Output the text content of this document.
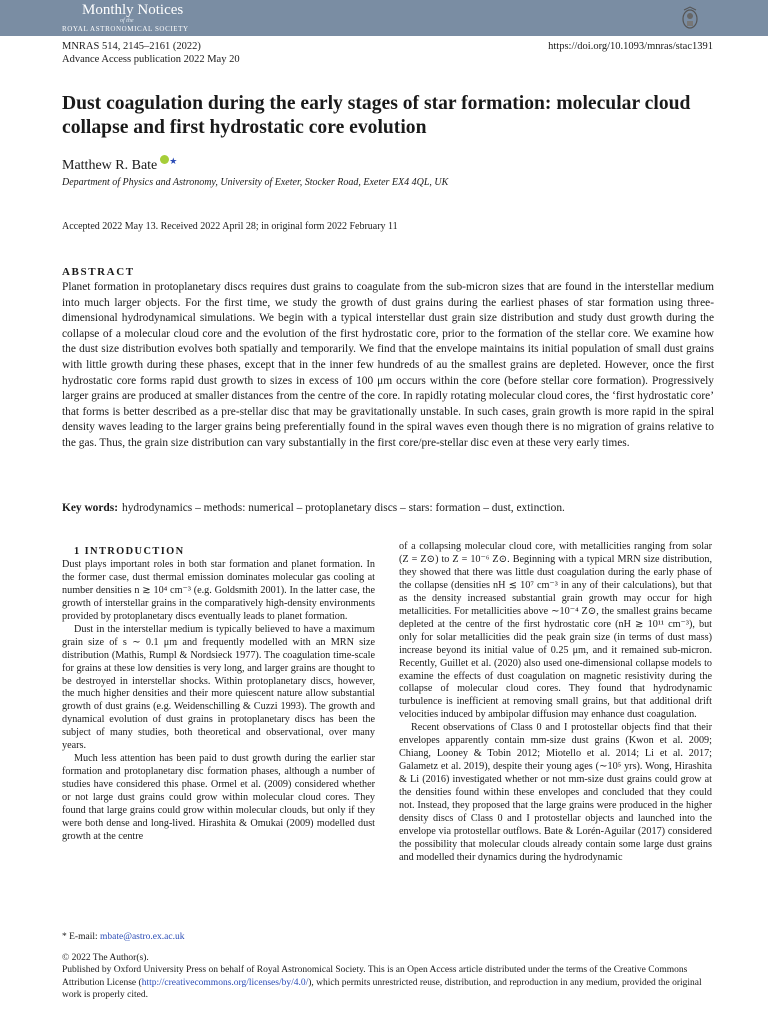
Monthly Notices
of the
ROYAL ASTRONOMICAL SOCIETY
MNRAS 514, 2145–2161 (2022)
Advance Access publication 2022 May 20
https://doi.org/10.1093/mnras/stac1391
Dust coagulation during the early stages of star formation: molecular cloud collapse and first hydrostatic core evolution
Matthew R. Bate ★
Department of Physics and Astronomy, University of Exeter, Stocker Road, Exeter EX4 4QL, UK
Accepted 2022 May 13. Received 2022 April 28; in original form 2022 February 11
ABSTRACT

Planet formation in protoplanetary discs requires dust grains to coagulate from the sub-micron sizes that are found in the interstellar medium into much larger objects. For the first time, we study the growth of dust grains during the earliest phases of star formation using three-dimensional hydrodynamical simulations. We begin with a typical interstellar dust grain size distribution and study dust growth during the collapse of a molecular cloud core and the evolution of the first hydrostatic core, prior to the formation of the stellar core. We examine how the dust size distribution evolves both spatially and temporarily. We find that the envelope maintains its initial population of small dust grains with little growth during these phases, except that in the inner few hundreds of au the smallest grains are depleted. However, once the first hydrostatic core forms rapid dust growth to sizes in excess of 100 μm occurs within the core (before stellar core formation). Progressively larger grains are produced at smaller distances from the centre of the core. In rapidly rotating molecular cloud cores, the ‘first hydrostatic core’ that forms is better described as a pre-stellar disc that may be gravitationally unstable. In such cases, grain growth is more rapid in the spiral density waves leading to the larger grains being preferentially found in the spiral waves even though there is no migration of grains relative to the gas. Thus, the grain size distribution can vary substantially in the first core/pre-stellar disc even at these very early times.

Key words: hydrodynamics – methods: numerical – protoplanetary discs – stars: formation – dust, extinction.

1 INTRODUCTION

Dust plays important roles in both star formation and planet formation. In the former case, dust thermal emission dominates molecular gas cooling at number densities n ≳ 10⁴ cm⁻³ (e.g. Goldsmith 2001). In the latter case, the growth of interstellar grains in the comparatively high-density environments provided by protoplanetary discs eventually leads to planet formation.

Dust in the interstellar medium is typically believed to have a maximum grain size of s ∼ 0.1 μm and frequently modelled with an MRN size distribution (Mathis, Rumpl & Nordsieck 1977). The coagulation time-scale for grains at these low densities is very long, and larger grains are thought to be destroyed in interstellar shocks. Within protoplanetary discs, however, the much higher densities and their more quiescent nature allow substantial growth of dust grains (e.g. Weidenschilling & Cuzzi 1993). The growth and dynamical evolution of dust grains in protoplanetary discs has been the subject of many studies, both theoretical and observational, over many years.

Much less attention has been paid to dust growth during the earlier star formation and protoplanetary disc formation phases, although a number of studies have considered this phase. Ormel et al. (2009) considered whether or not large dust grains could grow within molecular cloud cores. They found that large grains could grow within molecular clouds, but only if they were both dense and long-lived. Hirashita & Omukai (2009) modelled dust growth at the centre

of a collapsing molecular cloud core, with metallicities ranging from solar (Z = Z⊙) to Z = 10⁻⁶ Z⊙. Beginning with a typical MRN size distribution, they showed that there was little dust coagulation during the early phase of the collapse (densities nH ≲ 10⁷ cm⁻³ in any of their calculations), but that as the density increased substantial grain growth may occur for high metallicities. For metallicities above ∼10⁻⁴ Z⊙, the smallest grains became depleted at the centre of the first hydrostatic core (nH ≳ 10¹¹ cm⁻³), but only for solar metallicities did the peak grain size (in terms of dust mass) increase beyond its initial value of 0.25 μm, and it remained sub-micron. Recently, Guillet et al. (2020) also used one-dimensional collapse models to examine the effects of dust coagulation on magnetic resistivity during the collapse of molecular cloud cores. They found that hydrodynamic turbulence is inefficient at removing small grains, but that additional drift velocities induced by ambipolar diffusion may enhance dust coagulation.

Recent observations of Class 0 and I protostellar objects find that their envelopes apparently contain mm-size dust grains (Kwon et al. 2009; Chiang, Looney & Tobin 2012; Miotello et al. 2014; Li et al. 2017; Galametz et al. 2019), despite their young ages (∼10⁵ yrs). Wong, Hirashita & Li (2016) investigated whether or not mm-size dust grains could grow at the densities found within these envelopes and concluded that they could not. Instead, they proposed that the large grains were produced in the higher density discs of Class 0 and I protostellar objects and launched into the envelope via protostellar outflows. Bate & Lorén-Aguilar (2017) considered the possibility that molecular clouds already contain some large dust grains and modelled their dynamics during the hydrodynamic

* E-mail: mbate@astro.ex.ac.uk
© 2022 The Author(s).
Published by Oxford University Press on behalf of Royal Astronomical Society. This is an Open Access article distributed under the terms of the Creative Commons Attribution License (http://creativecommons.org/licenses/by/4.0/), which permits unrestricted reuse, distribution, and reproduction in any medium, provided the original work is properly cited.
